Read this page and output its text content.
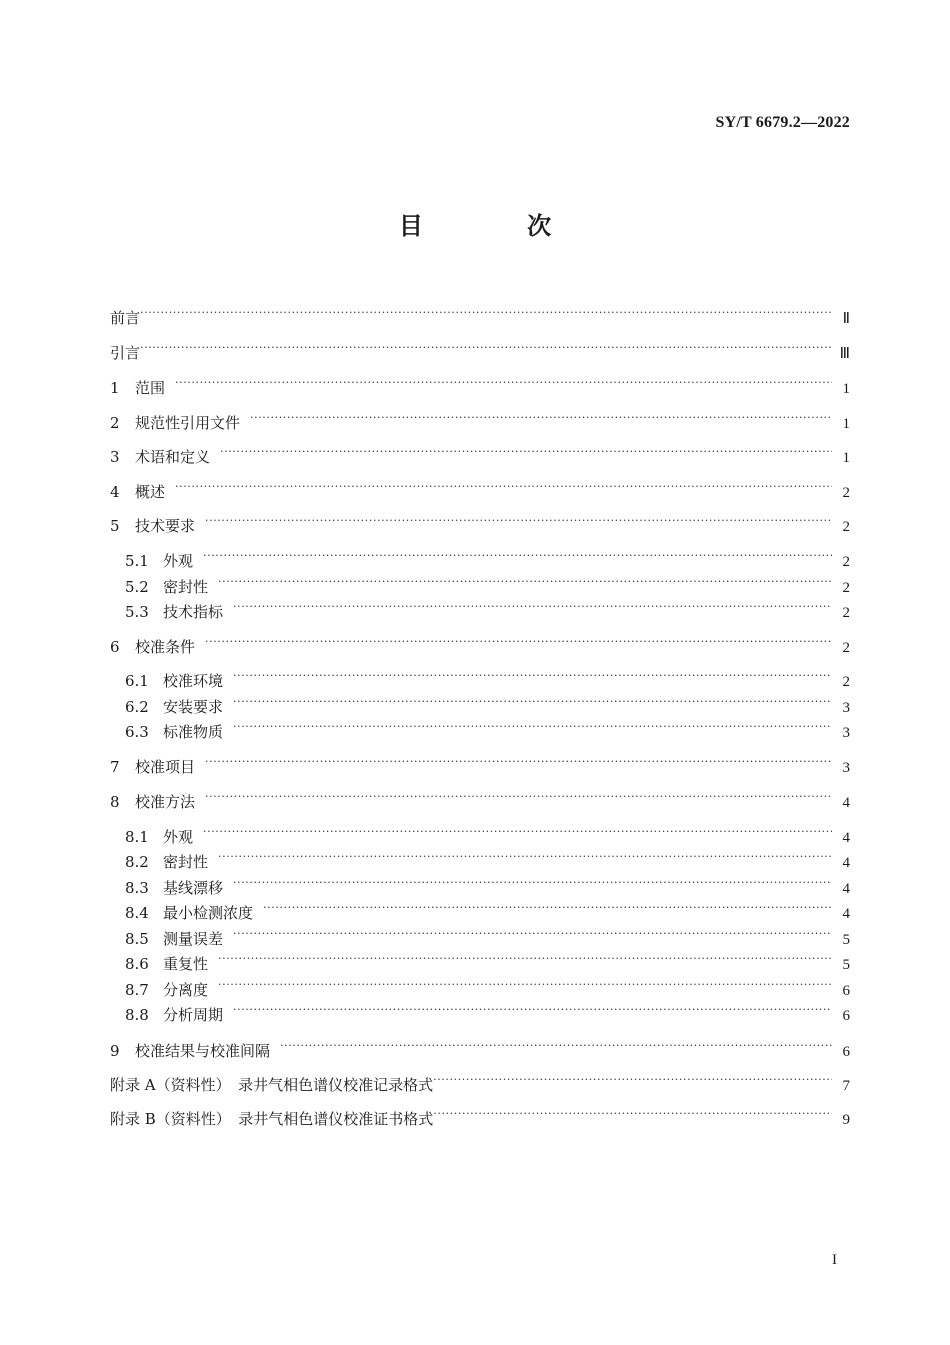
SY/T 6679.2—2022
目 次
前言 ·····	Ⅱ
引言 ·····	Ⅲ
1	范围 ·····	1
2	规范性引用文件 ·····	1
3	术语和定义 ·····	1
4	概述 ·····	2
5	技术要求 ·····	2
5.1 外观 ·····	2
5.2 密封性 ·····	2
5.3 技术指标 ·····	2
6	校准条件 ·····	2
6.1 校准环境 ·····	2
6.2 安装要求 ·····	3
6.3 标准物质 ·····	3
7	校准项目 ·····	3
8	校准方法 ·····	4
8.1 外观 ·····	4
8.2 密封性 ·····	4
8.3 基线漂移 ·····	4
8.4 最小检测浓度 ·····	4
8.5 测量误差 ·····	5
8.6 重复性 ·····	5
8.7 分离度 ·····	6
8.8 分析周期 ·····	6
9	校准结果与校准间隔 ·····	6
附录 A（资料性）　录井气相色谱仪校准记录格式 ·····	7
附录 B（资料性）　录井气相色谱仪校准证书格式 ·····	9
I
